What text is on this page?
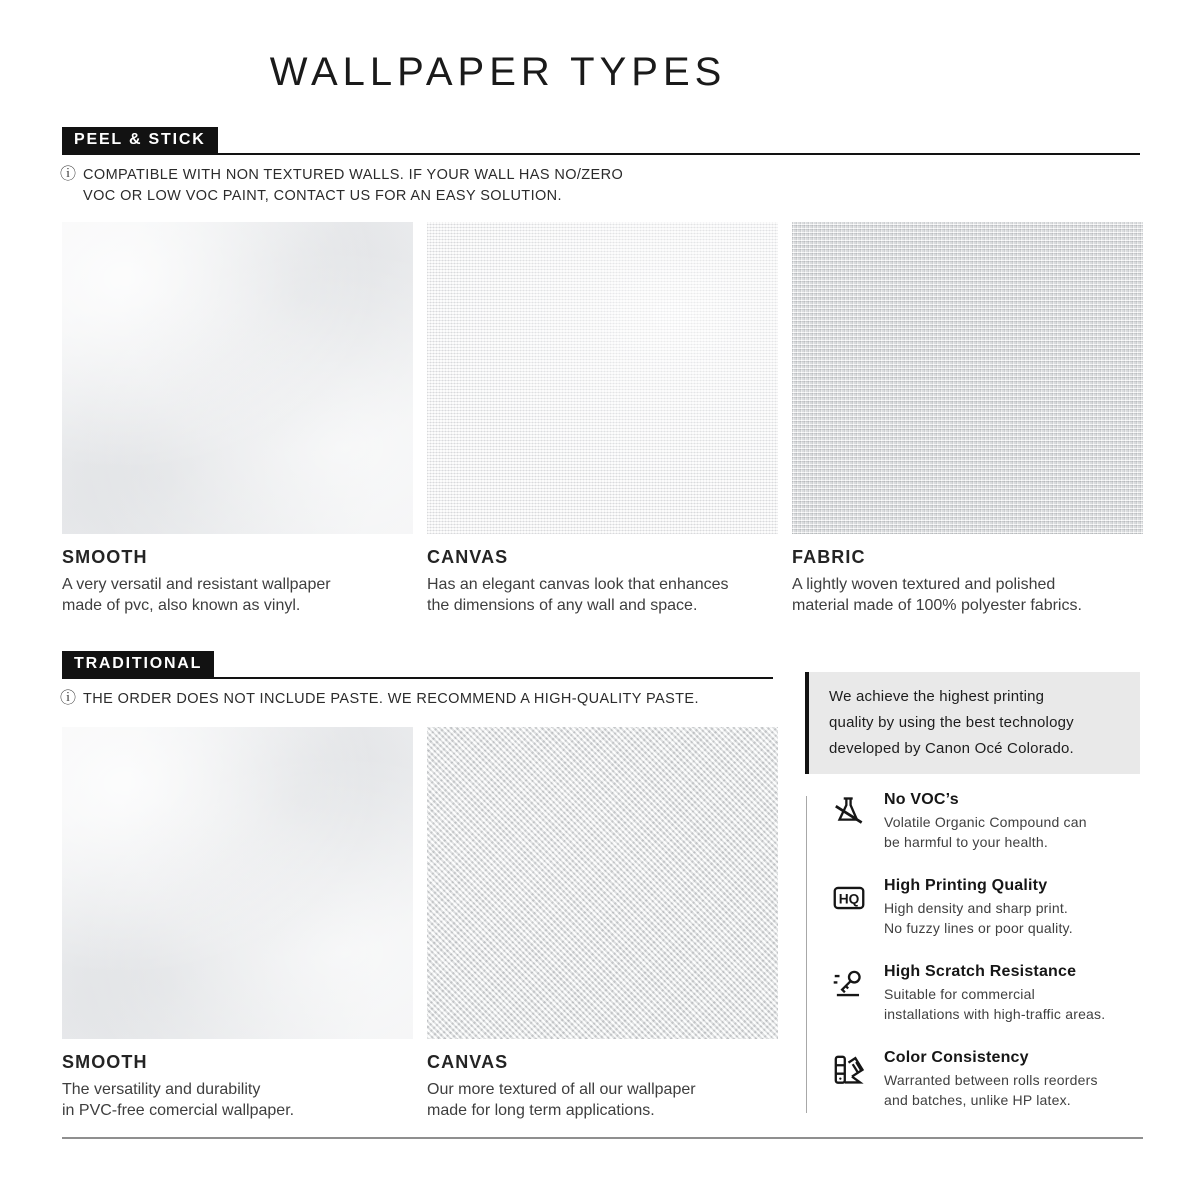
WALLPAPER TYPES
PEEL & STICK
ⓘ COMPATIBLE WITH NON TEXTURED WALLS. IF YOUR WALL HAS NO/ZERO
VOC OR LOW VOC PAINT, CONTACT US FOR AN EASY SOLUTION.
SMOOTH
A very versatil and resistant wallpaper
made of pvc, also known as vinyl.
CANVAS
Has an elegant canvas look that enhances
the dimensions of any wall and space.
FABRIC
A lightly woven textured and polished
material made of 100% polyester fabrics.
TRADITIONAL
ⓘ THE ORDER DOES NOT INCLUDE PASTE. WE RECOMMEND A HIGH-QUALITY PASTE.
SMOOTH
The versatility and durability
in PVC-free comercial wallpaper.
CANVAS
Our more textured of all our wallpaper
made for long term applications.
We achieve the highest printing
quality by using the best technology
developed by Canon Océ Colorado.
No VOC’s
Volatile Organic Compound can
be harmful to your health.
HQ
High Printing Quality
High density and sharp print.
No fuzzy lines or poor quality.
High Scratch Resistance
Suitable for commercial
installations with high-traffic areas.
Color Consistency
Warranted between rolls reorders
and batches, unlike HP latex.
